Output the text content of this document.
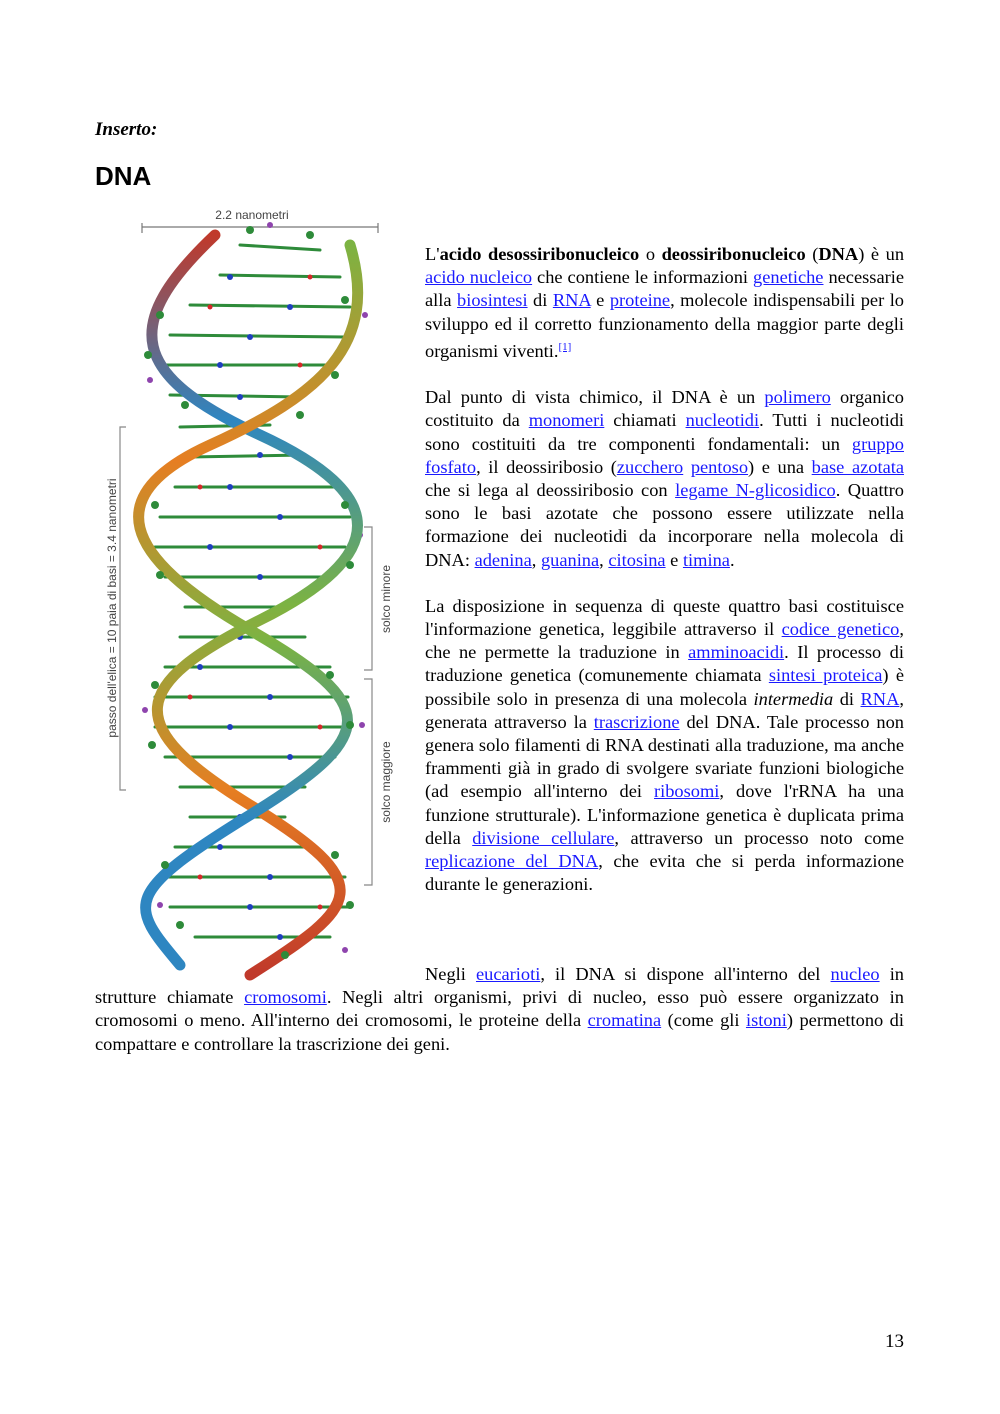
Inserto:
DNA
2.2 nanometri
passo dell'elica = 10 paia di basi = 3.4 nanometri	solco minore
solco maggiore

L'acido desossiribonucleico o deossiribonucleico (DNA) è un acido nucleico che contiene le informazioni genetiche necessarie alla biosintesi di RNA e proteine, molecole indispensabili per lo sviluppo ed il corretto funzionamento della maggior parte degli organismi viventi.[1]

Dal punto di vista chimico, il DNA è un polimero organico costituito da monomeri chiamati nucleotidi. Tutti i nucleotidi sono costituiti da tre componenti fondamentali: un gruppo fosfato, il deossiribosio (zucchero pentoso) e una base azotata che si lega al deossiribosio con legame N-glicosidico. Quattro sono le basi azotate che possono essere utilizzate nella formazione dei nucleotidi da incorporare nella molecola di DNA: adenina, guanina, citosina e timina.

La disposizione in sequenza di queste quattro basi costituisce l'informazione genetica, leggibile attraverso il codice genetico, che ne permette la traduzione in amminoacidi. Il processo di traduzione genetica (comunemente chiamata sintesi proteica) è possibile solo in presenza di una molecola intermedia di RNA, generata attraverso la trascrizione del DNA. Tale processo non genera solo filamenti di RNA destinati alla traduzione, ma anche frammenti già in grado di svolgere svariate funzioni biologiche (ad esempio all'interno dei ribosomi, dove l'rRNA ha una funzione strutturale). L'informazione genetica è duplicata prima della divisione cellulare, attraverso un processo noto come replicazione del DNA, che evita che si perda informazione durante le generazioni.

Negli eucarioti, il DNA si dispone all'interno del nucleo in strutture chiamate cromosomi. Negli altri organismi, privi di nucleo, esso può essere organizzato in cromosomi o meno. All'interno dei cromosomi, le proteine della cromatina (come gli istoni) permettono di compattare e controllare la trascrizione dei geni.

13
